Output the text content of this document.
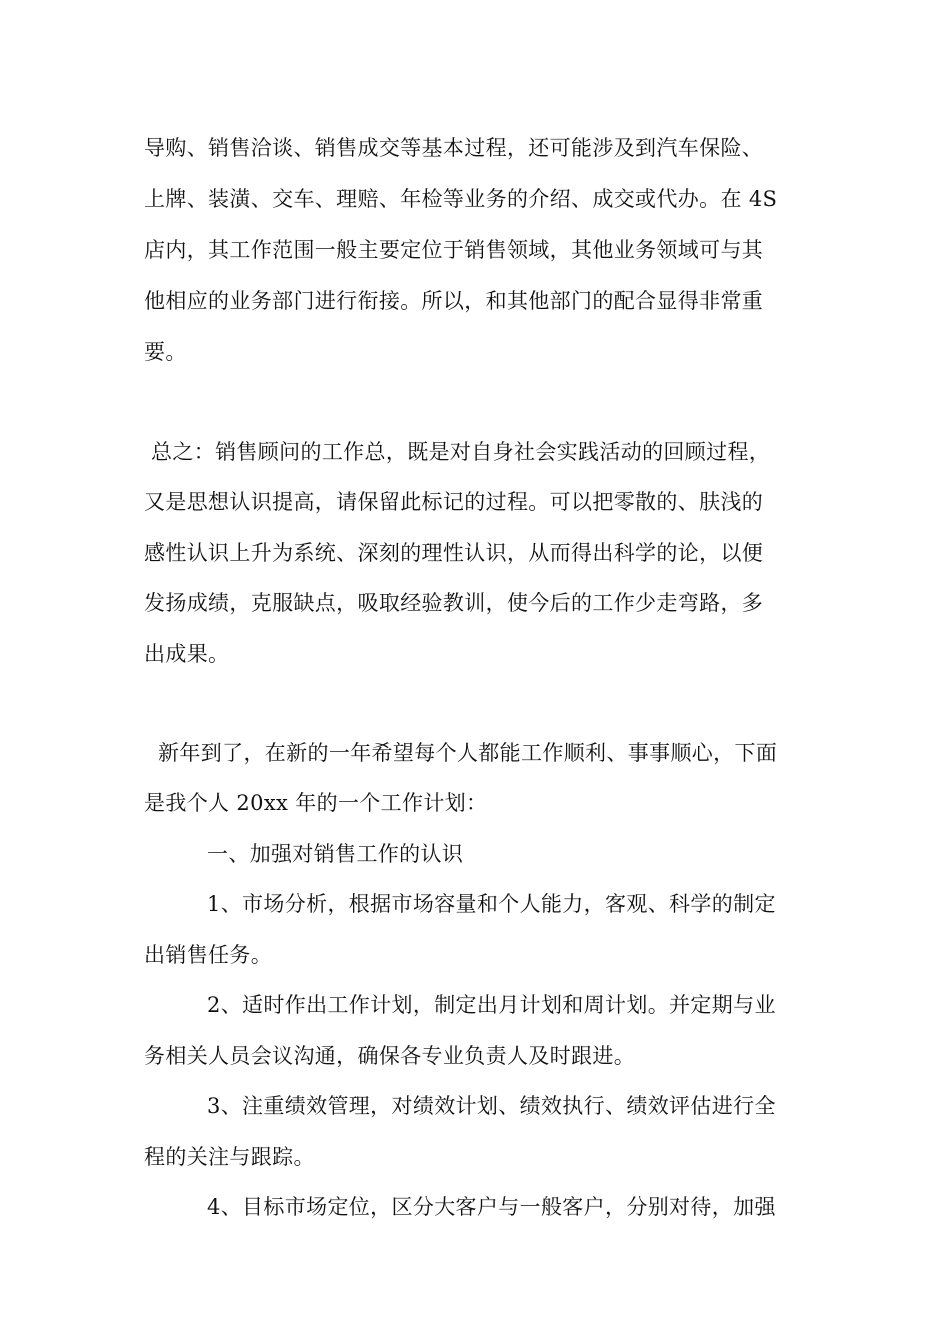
导购、销售洽谈、销售成交等基本过程，还可能涉及到汽车保险、
上牌、装潢、交车、理赔、年检等业务的介绍、成交或代办。在 4S
店内，其工作范围一般主要定位于销售领域，其他业务领域可与其
他相应的业务部门进行衔接。所以，和其他部门的配合显得非常重
要。
总之：销售顾问的工作总，既是对自身社会实践活动的回顾过程，
又是思想认识提高，请保留此标记的过程。可以把零散的、肤浅的
感性认识上升为系统、深刻的理性认识，从而得出科学的论，以便
发扬成绩，克服缺点，吸取经验教训，使今后的工作少走弯路，多
出成果。
新年到了，在新的一年希望每个人都能工作顺利、事事顺心，下面
是我个人 20xx 年的一个工作计划：
一、加强对销售工作的认识
1、市场分析，根据市场容量和个人能力，客观、科学的制定
出销售任务。
2、适时作出工作计划，制定出月计划和周计划。并定期与业
务相关人员会议沟通，确保各专业负责人及时跟进。
3、注重绩效管理，对绩效计划、绩效执行、绩效评估进行全
程的关注与跟踪。
4、目标市场定位，区分大客户与一般客户，分别对待，加强
